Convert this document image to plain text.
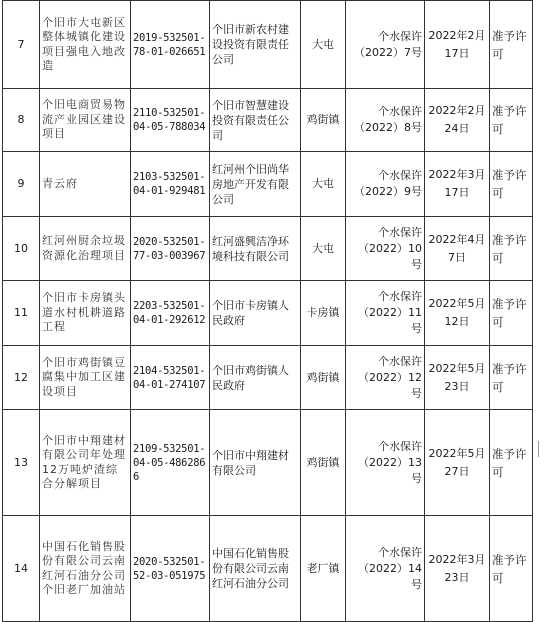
7	个旧市大屯新区整体城镇化建设项目强电入地改造	2019-532501-78-01-026651	个旧市新农村建设投资有限责任公司	大屯	个水保许（2022）7号	2022年2月17日	准予许可
8	个旧电商贸易物流产业园区建设项目	2110-532501-04-05-788034	个旧市智慧建设投资有限责任公司	鸡街镇	个水保许（2022）8号	2022年2月24日	准予许可
9	青云府	2103-532501-04-01-929481	红河州个旧尚华房地产开发有限公司	大屯	个水保许（2022）9号	2022年3月17日	准予许可
10	红河州厨余垃圾资源化治理项目	2020-532501-77-03-003967	红河盛興洁净环境科技有限公司	大屯	个水保许（2022）10号	2022年4月7日	准予许可
11	个旧市卡房镇头道水村机耕道路工程	2203-532501-04-01-292612	个旧市卡房镇人民政府	卡房镇	个水保许（2022）11号	2022年5月12日	准予许可
12	个旧市鸡街镇豆腐集中加工区建设项目	2104-532501-04-01-274107	个旧市鸡街镇人民政府	鸡街镇	个水保许（2022）12号	2022年5月23日	准予许可
13	个旧市中翔建材有限公司年处理12万吨炉渣综合分解项目	2109-532501-04-05-4862866	个旧市中翔建材有限公司	鸡街镇	个水保许（2022）13号	2022年5月27日	准予许可
14	中国石化销售股份有限公司云南红河石油分公司个旧老厂加油站	2020-532501-52-03-051975	中国石化销售股份有限公司云南红河石油分公司	老厂镇	个水保许（2022）14号	2022年3月23日	准予许可
